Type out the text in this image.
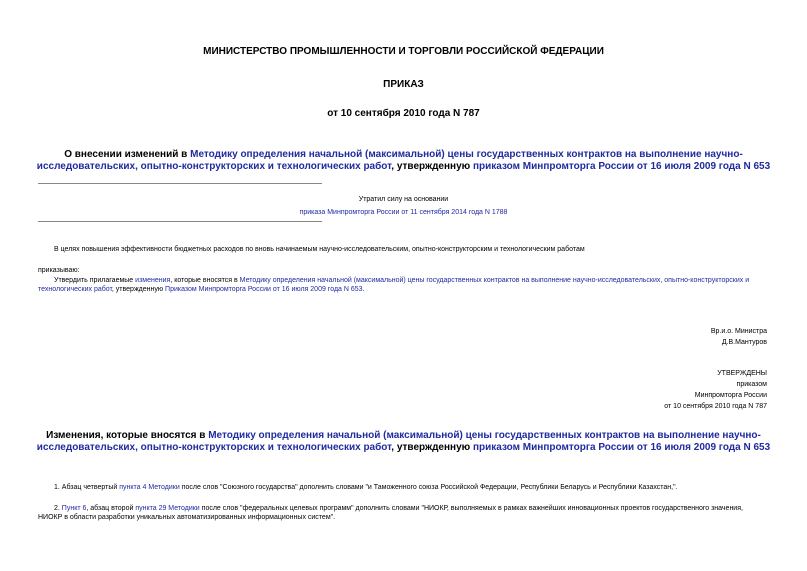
МИНИСТЕРСТВО ПРОМЫШЛЕННОСТИ И ТОРГОВЛИ РОССИЙСКОЙ ФЕДЕРАЦИИ
ПРИКАЗ
от 10 сентября 2010 года N 787
О внесении изменений в Методику определения начальной (максимальной) цены государственных контрактов на выполнение научно-исследовательских, опытно-конструкторских и технологических работ, утвержденную приказом Минпромторга России от 16 июля 2009 года N 653
Утратил силу на основании
приказа Минпромторга России от 11 сентября 2014 года N 1788
В целях повышения эффективности бюджетных расходов по вновь начинаемым научно-исследовательским, опытно-конструкторским и технологическим работам
приказываю:
Утвердить прилагаемые изменения, которые вносятся в Методику определения начальной (максимальной) цены государственных контрактов на выполнение научно-исследовательских, опытно-конструкторских и технологических работ, утвержденную Приказом Минпромторга России от 16 июля 2009 года N 653.
Вр.и.о. Министра
Д.В.Мантуров
УТВЕРЖДЕНЫ
приказом
Минпромторга России
от 10 сентября 2010 года N 787
Изменения, которые вносятся в Методику определения начальной (максимальной) цены государственных контрактов на выполнение научно-исследовательских, опытно-конструкторских и технологических работ, утвержденную приказом Минпромторга России от 16 июля 2009 года N 653
1. Абзац четвертый пункта 4 Методики после слов "Союзного государства" дополнить словами "и Таможенного союза Российской Федерации, Республики Беларусь и Республики Казахстан,".
2. Пункт 6, абзац второй пункта 29 Методики после слов "федеральных целевых программ" дополнить словами "НИОКР, выполняемых в рамках важнейших инновационных проектов государственного значения, НИОКР в области разработки уникальных автоматизированных информационных систем".
